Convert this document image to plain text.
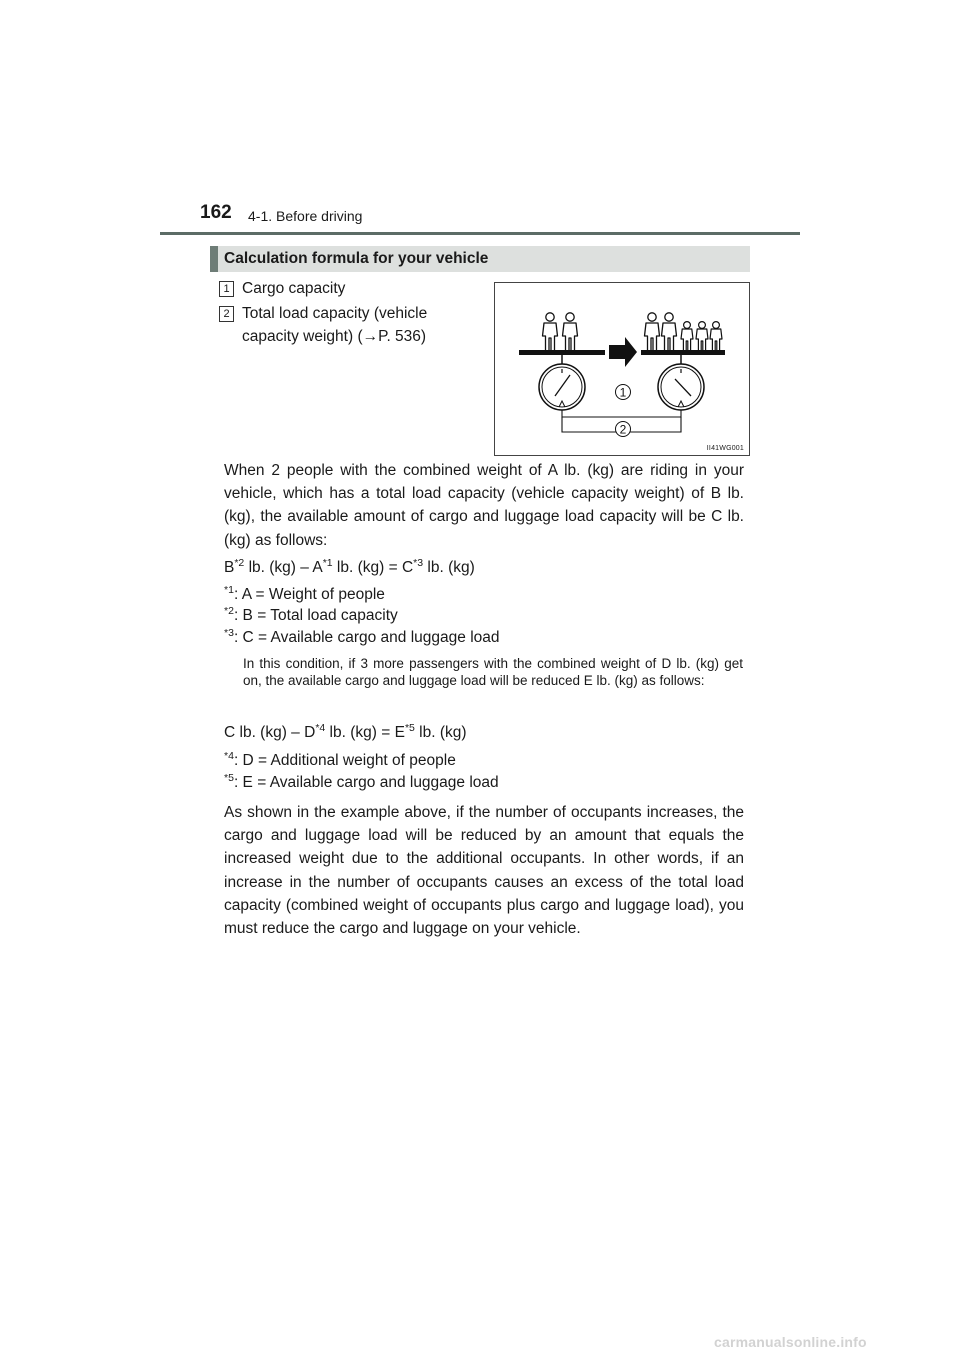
162 4-1. Before driving
Calculation formula for your vehicle
1 Cargo capacity
2 Total load capacity (vehicle
capacity weight) (→P. 536)
1
2
II41WG001
When 2 people with the combined weight of A lb. (kg) are riding in your vehicle, which has a total load capacity (vehicle capacity weight) of B lb. (kg), the available amount of cargo and luggage load capacity will be C lb. (kg) as follows:
$B^{*2}$ lb. $(kg) - A^{*1}$ lb. $(kg) = C^{*3}$ lb. (kg)
$^{*1}$: A = Weight of people
$^{*2}$: B = Total load capacity
$^{*3}$: C = Available cargo and luggage load
In this condition, if 3 more passengers with the combined weight of D lb. (kg) get on, the available cargo and luggage load will be reduced E lb. (kg) as follows:
C lb. $(kg) - D^{*4}$ lb. $(kg) = E^{*5}$ lb. (kg)
$^{*4}$: D = Additional weight of people
$^{*5}$: E = Available cargo and luggage load
As shown in the example above, if the number of occupants increases, the cargo and luggage load will be reduced by an amount that equals the increased weight due to the additional occupants. In other words, if an increase in the number of occupants causes an excess of the total load capacity (combined weight of occupants plus cargo and luggage load), you must reduce the cargo and luggage on your vehicle.
carmanualsonline.info
